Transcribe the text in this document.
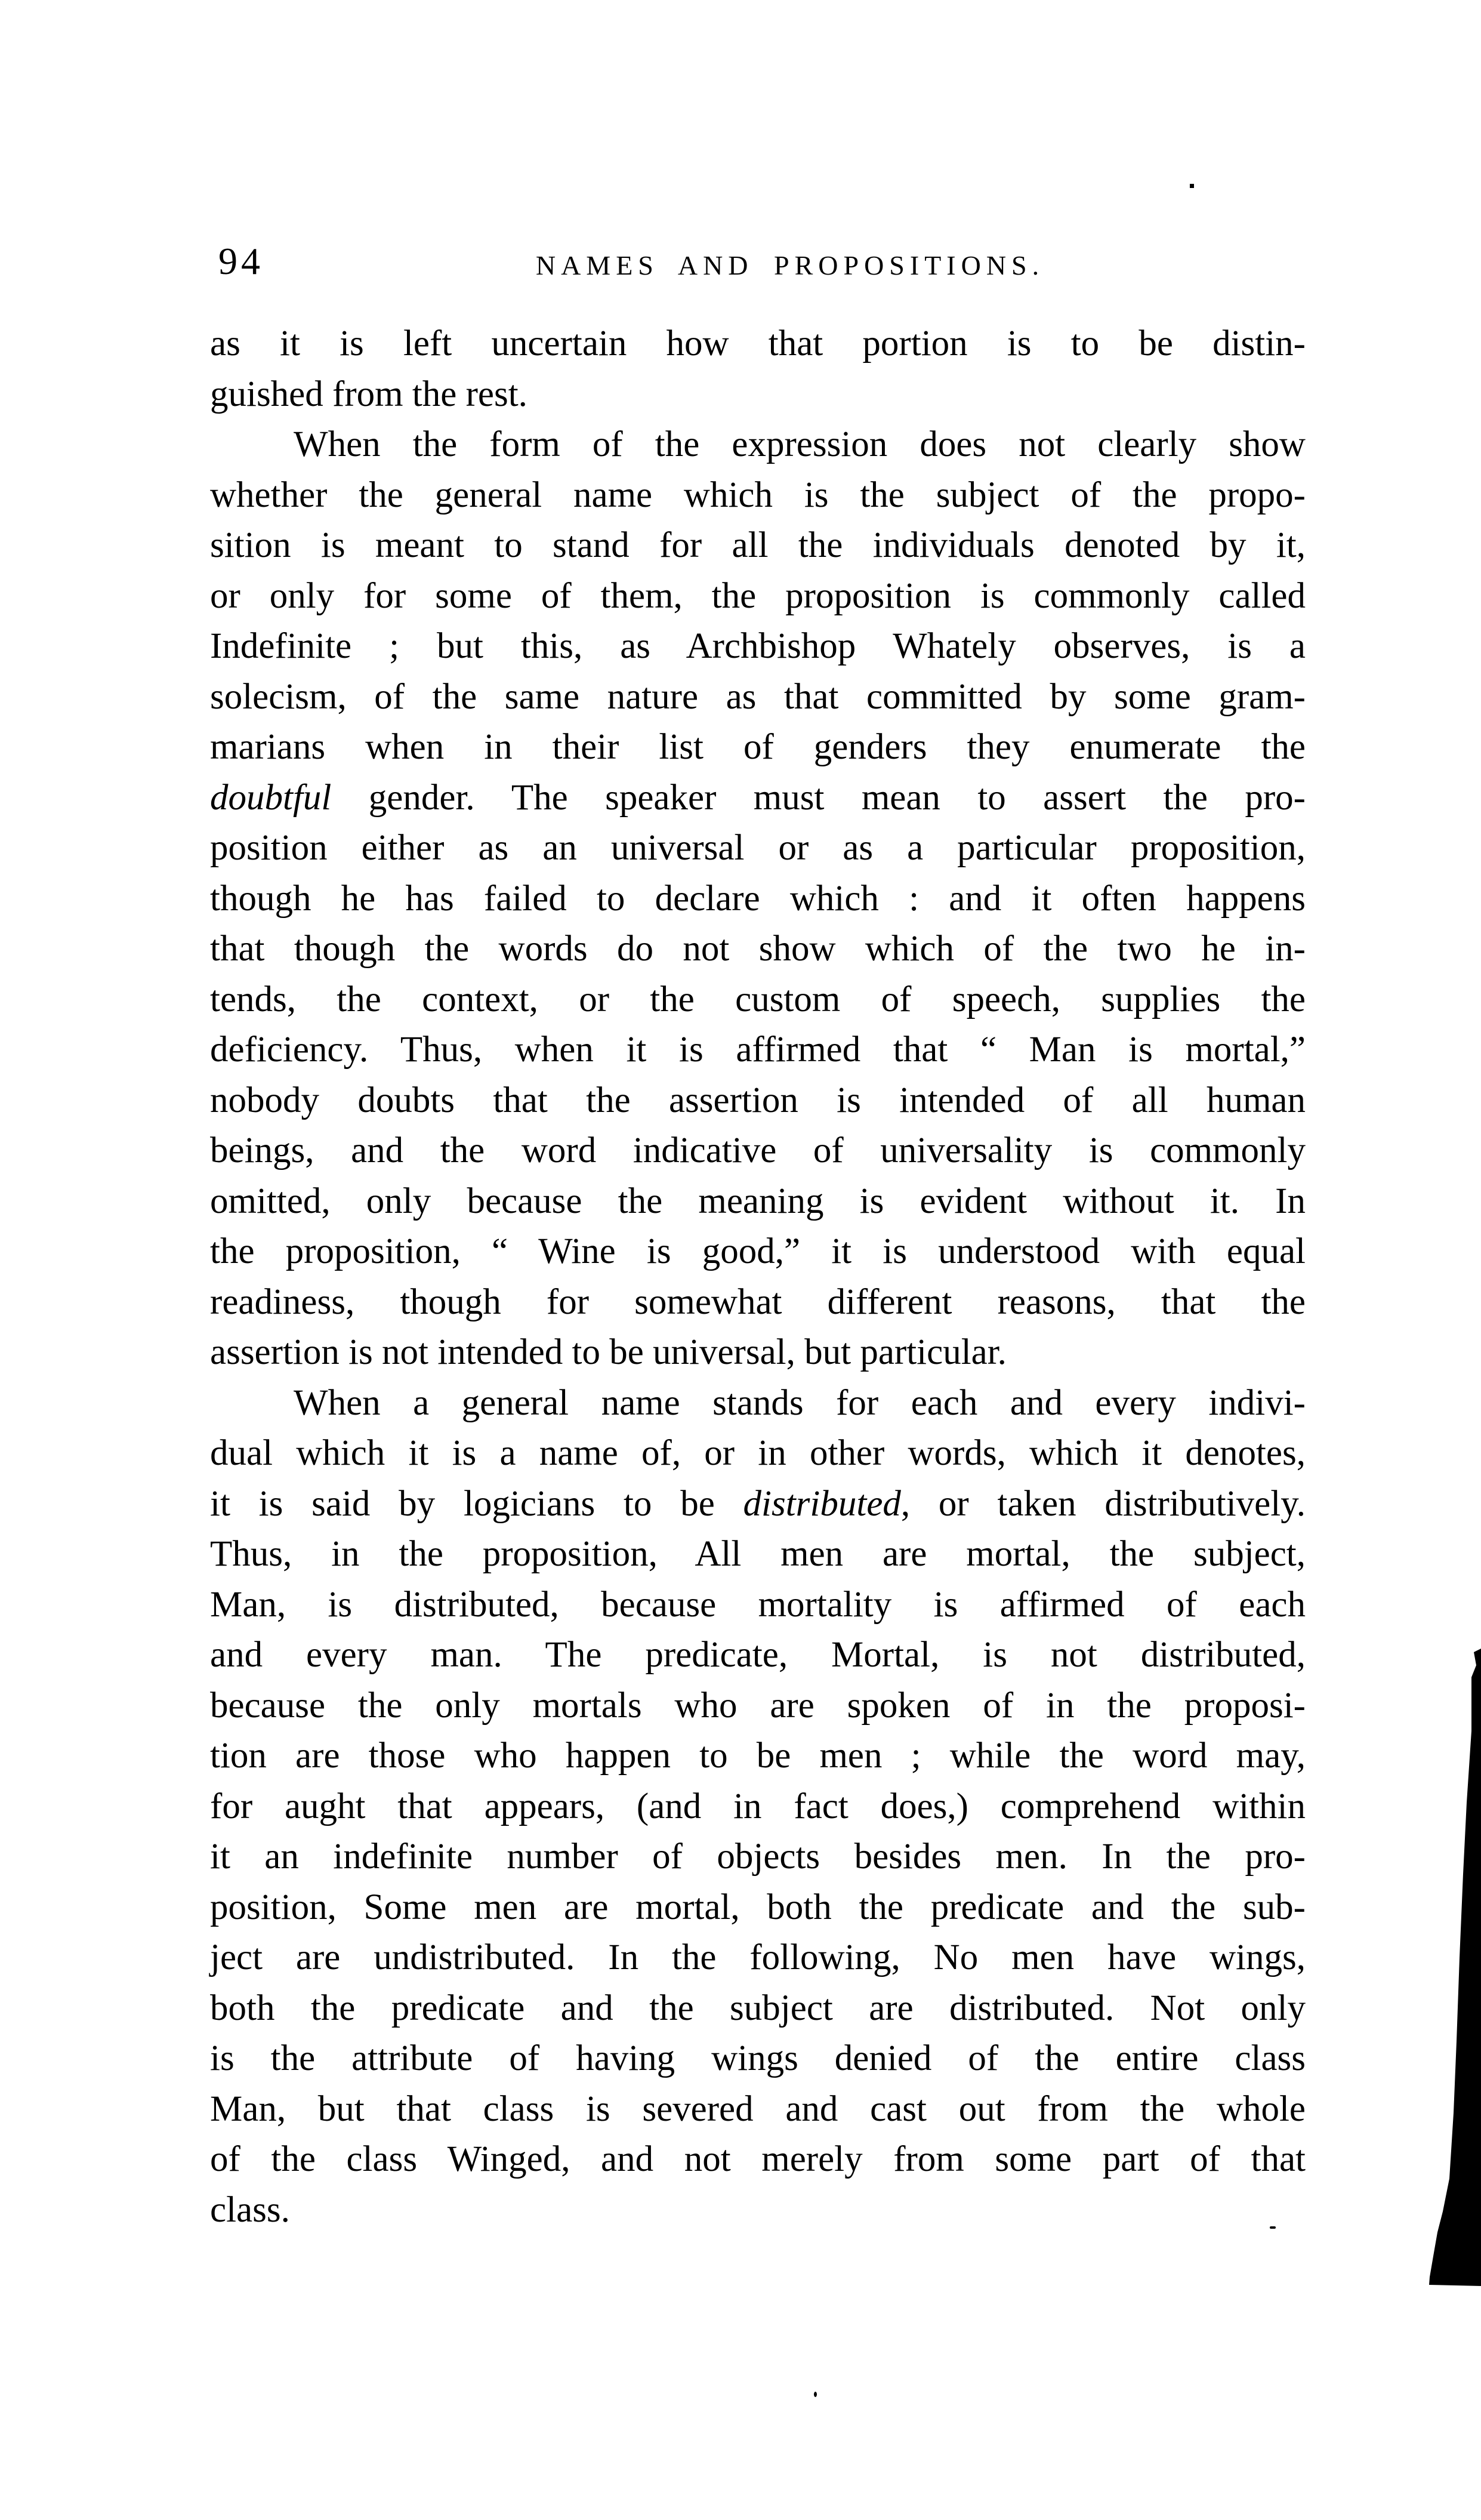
94	NAMES AND PROPOSITIONS.
as it is left uncertain how that portion is to be distin-
guished from the rest.
When the form of the expression does not clearly show
whether the general name which is the subject of the propo-
sition is meant to stand for all the individuals denoted by it,
or only for some of them, the proposition is commonly called
Indefinite ; but this, as Archbishop Whately observes, is a
solecism, of the same nature as that committed by some gram-
marians when in their list of genders they enumerate the
doubtful gender. The speaker must mean to assert the pro-
position either as an universal or as a particular proposition,
though he has failed to declare which : and it often happens
that though the words do not show which of the two he in-
tends, the context, or the custom of speech, supplies the
deficiency. Thus, when it is affirmed that “ Man is mortal,”
nobody doubts that the assertion is intended of all human
beings, and the word indicative of universality is commonly
omitted, only because the meaning is evident without it. In
the proposition, “ Wine is good,” it is understood with equal
readiness, though for somewhat different reasons, that the
assertion is not intended to be universal, but particular.
When a general name stands for each and every indivi-
dual which it is a name of, or in other words, which it denotes,
it is said by logicians to be distributed, or taken distributively.
Thus, in the proposition, All men are mortal, the subject,
Man, is distributed, because mortality is affirmed of each
and every man. The predicate, Mortal, is not distributed,
because the only mortals who are spoken of in the proposi-
tion are those who happen to be men ; while the word may,
for aught that appears, (and in fact does,) comprehend within
it an indefinite number of objects besides men. In the pro-
position, Some men are mortal, both the predicate and the sub-
ject are undistributed. In the following, No men have wings,
both the predicate and the subject are distributed. Not only
is the attribute of having wings denied of the entire class
Man, but that class is severed and cast out from the whole
of the class Winged, and not merely from some part of that
class.
